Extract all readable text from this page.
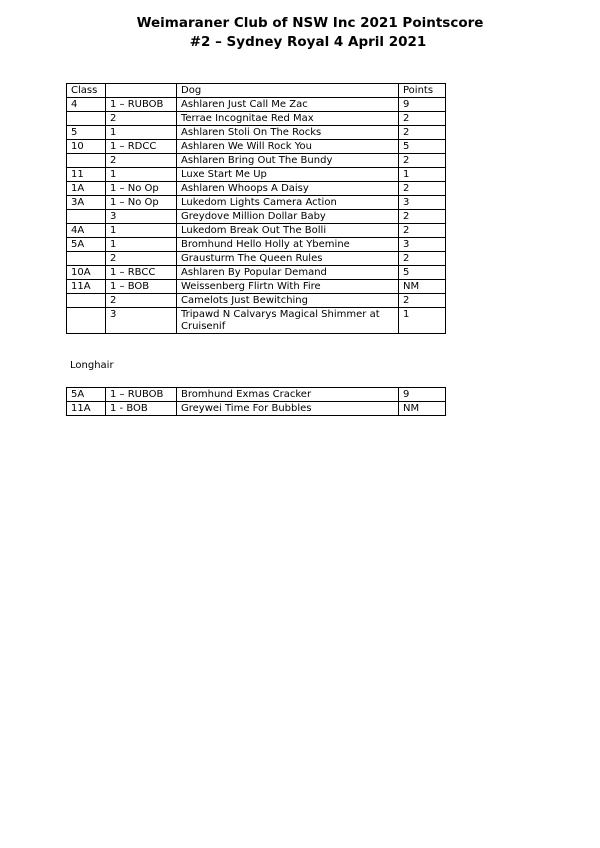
Weimaraner Club of NSW Inc 2021 Pointscore
#2 – Sydney Royal 4 April 2021
Class		Dog	Points
4	1 – RUBOB	Ashlaren Just Call Me Zac	9
	2	Terrae Incognitae Red Max	2
5	1	Ashlaren Stoli On The Rocks	2
10	1 – RDCC	Ashlaren We Will Rock You	5
	2	Ashlaren Bring Out The Bundy	2
11	1	Luxe Start Me Up	1
1A	1 – No Op	Ashlaren Whoops A Daisy	2
3A	1 – No Op	Lukedom Lights Camera Action	3
	3	Greydove Million Dollar Baby	2
4A	1	Lukedom Break Out The Bolli	2
5A	1	Bromhund Hello Holly at Ybemine	3
	2	Grausturm The Queen Rules	2
10A	1 – RBCC	Ashlaren By Popular Demand	5
11A	1 – BOB	Weissenberg Flirtn With Fire	NM
	2	Camelots Just Bewitching	2
	3	Tripawd N Calvarys Magical Shimmer at Cruisenif	1
Longhair
5A	1 – RUBOB	Bromhund Exmas Cracker	9
11A	1 - BOB	Greywei Time For Bubbles	NM
